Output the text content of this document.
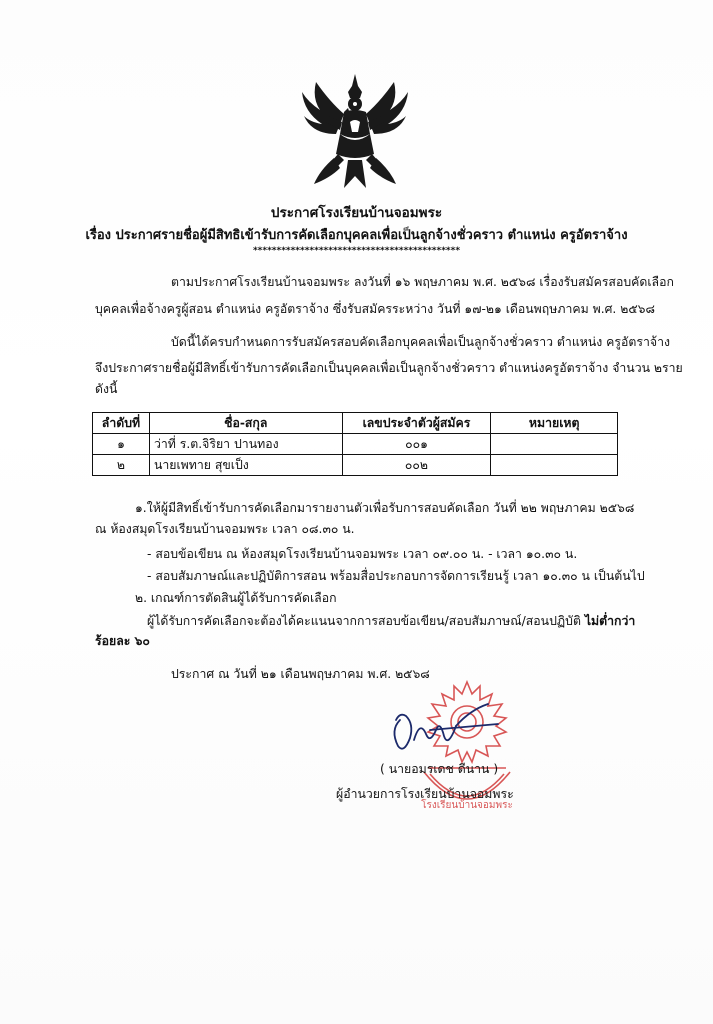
ประกาศโรงเรียนบ้านจอมพระ
เรื่อง ประกาศรายชื่อผู้มีสิทธิเข้ารับการคัดเลือกบุคคลเพื่อเป็นลูกจ้างชั่วคราว ตำแหน่ง ครูอัตราจ้าง
********************************************
ตามประกาศโรงเรียนบ้านจอมพระ ลงวันที่ ๑๖ พฤษภาคม พ.ศ. ๒๕๖๘ เรื่องรับสมัครสอบคัดเลือก
บุคคลเพื่อจ้างครูผู้สอน ตำแหน่ง ครูอัตราจ้าง ซึ่งรับสมัครระหว่าง วันที่ ๑๗-๒๑ เดือนพฤษภาคม พ.ศ. ๒๕๖๘
บัดนี้ได้ครบกำหนดการรับสมัครสอบคัดเลือกบุคคลเพื่อเป็นลูกจ้างชั่วคราว ตำแหน่ง ครูอัตราจ้าง
จึงประกาศรายชื่อผู้มีสิทธิ์เข้ารับการคัดเลือกเป็นบุคคลเพื่อเป็นลูกจ้างชั่วคราว ตำแหน่งครูอัตราจ้าง จำนวน ๒ราย
ดังนี้
ลำดับที่	ชื่อ-สกุล	เลขประจำตัวผู้สมัคร	หมายเหตุ
๑	ว่าที่ ร.ต.จิริยา ปานทอง	๐๐๑	
๒	นายเพทาย สุขเป็ง	๐๐๒	
๑.ให้ผู้มีสิทธิ์เข้ารับการคัดเลือกมารายงานตัวเพื่อรับการสอบคัดเลือก วันที่ ๒๒ พฤษภาคม ๒๕๖๘
ณ ห้องสมุดโรงเรียนบ้านจอมพระ เวลา ๐๘.๓๐ น.
- สอบข้อเขียน ณ ห้องสมุดโรงเรียนบ้านจอมพระ เวลา ๐๙.๐๐ น. - เวลา ๑๐.๓๐ น.
- สอบสัมภาษณ์และปฏิบัติการสอน พร้อมสื่อประกอบการจัดการเรียนรู้ เวลา ๑๐.๓๐ น เป็นต้นไป
๒. เกณฑ์การตัดสินผู้ได้รับการคัดเลือก
ผู้ได้รับการคัดเลือกจะต้องได้คะแนนจากการสอบข้อเขียน/สอบสัมภาษณ์/สอนปฏิบัติ ไม่ต่ำกว่า
ร้อยละ ๖๐
ประกาศ ณ วันที่ ๒๑ เดือนพฤษภาคม พ.ศ. ๒๕๖๘
โรงเรียนบ้านจอมพระ
( นายอมรเดช ดีนาน )
ผู้อำนวยการโรงเรียนบ้านจอมพระ
